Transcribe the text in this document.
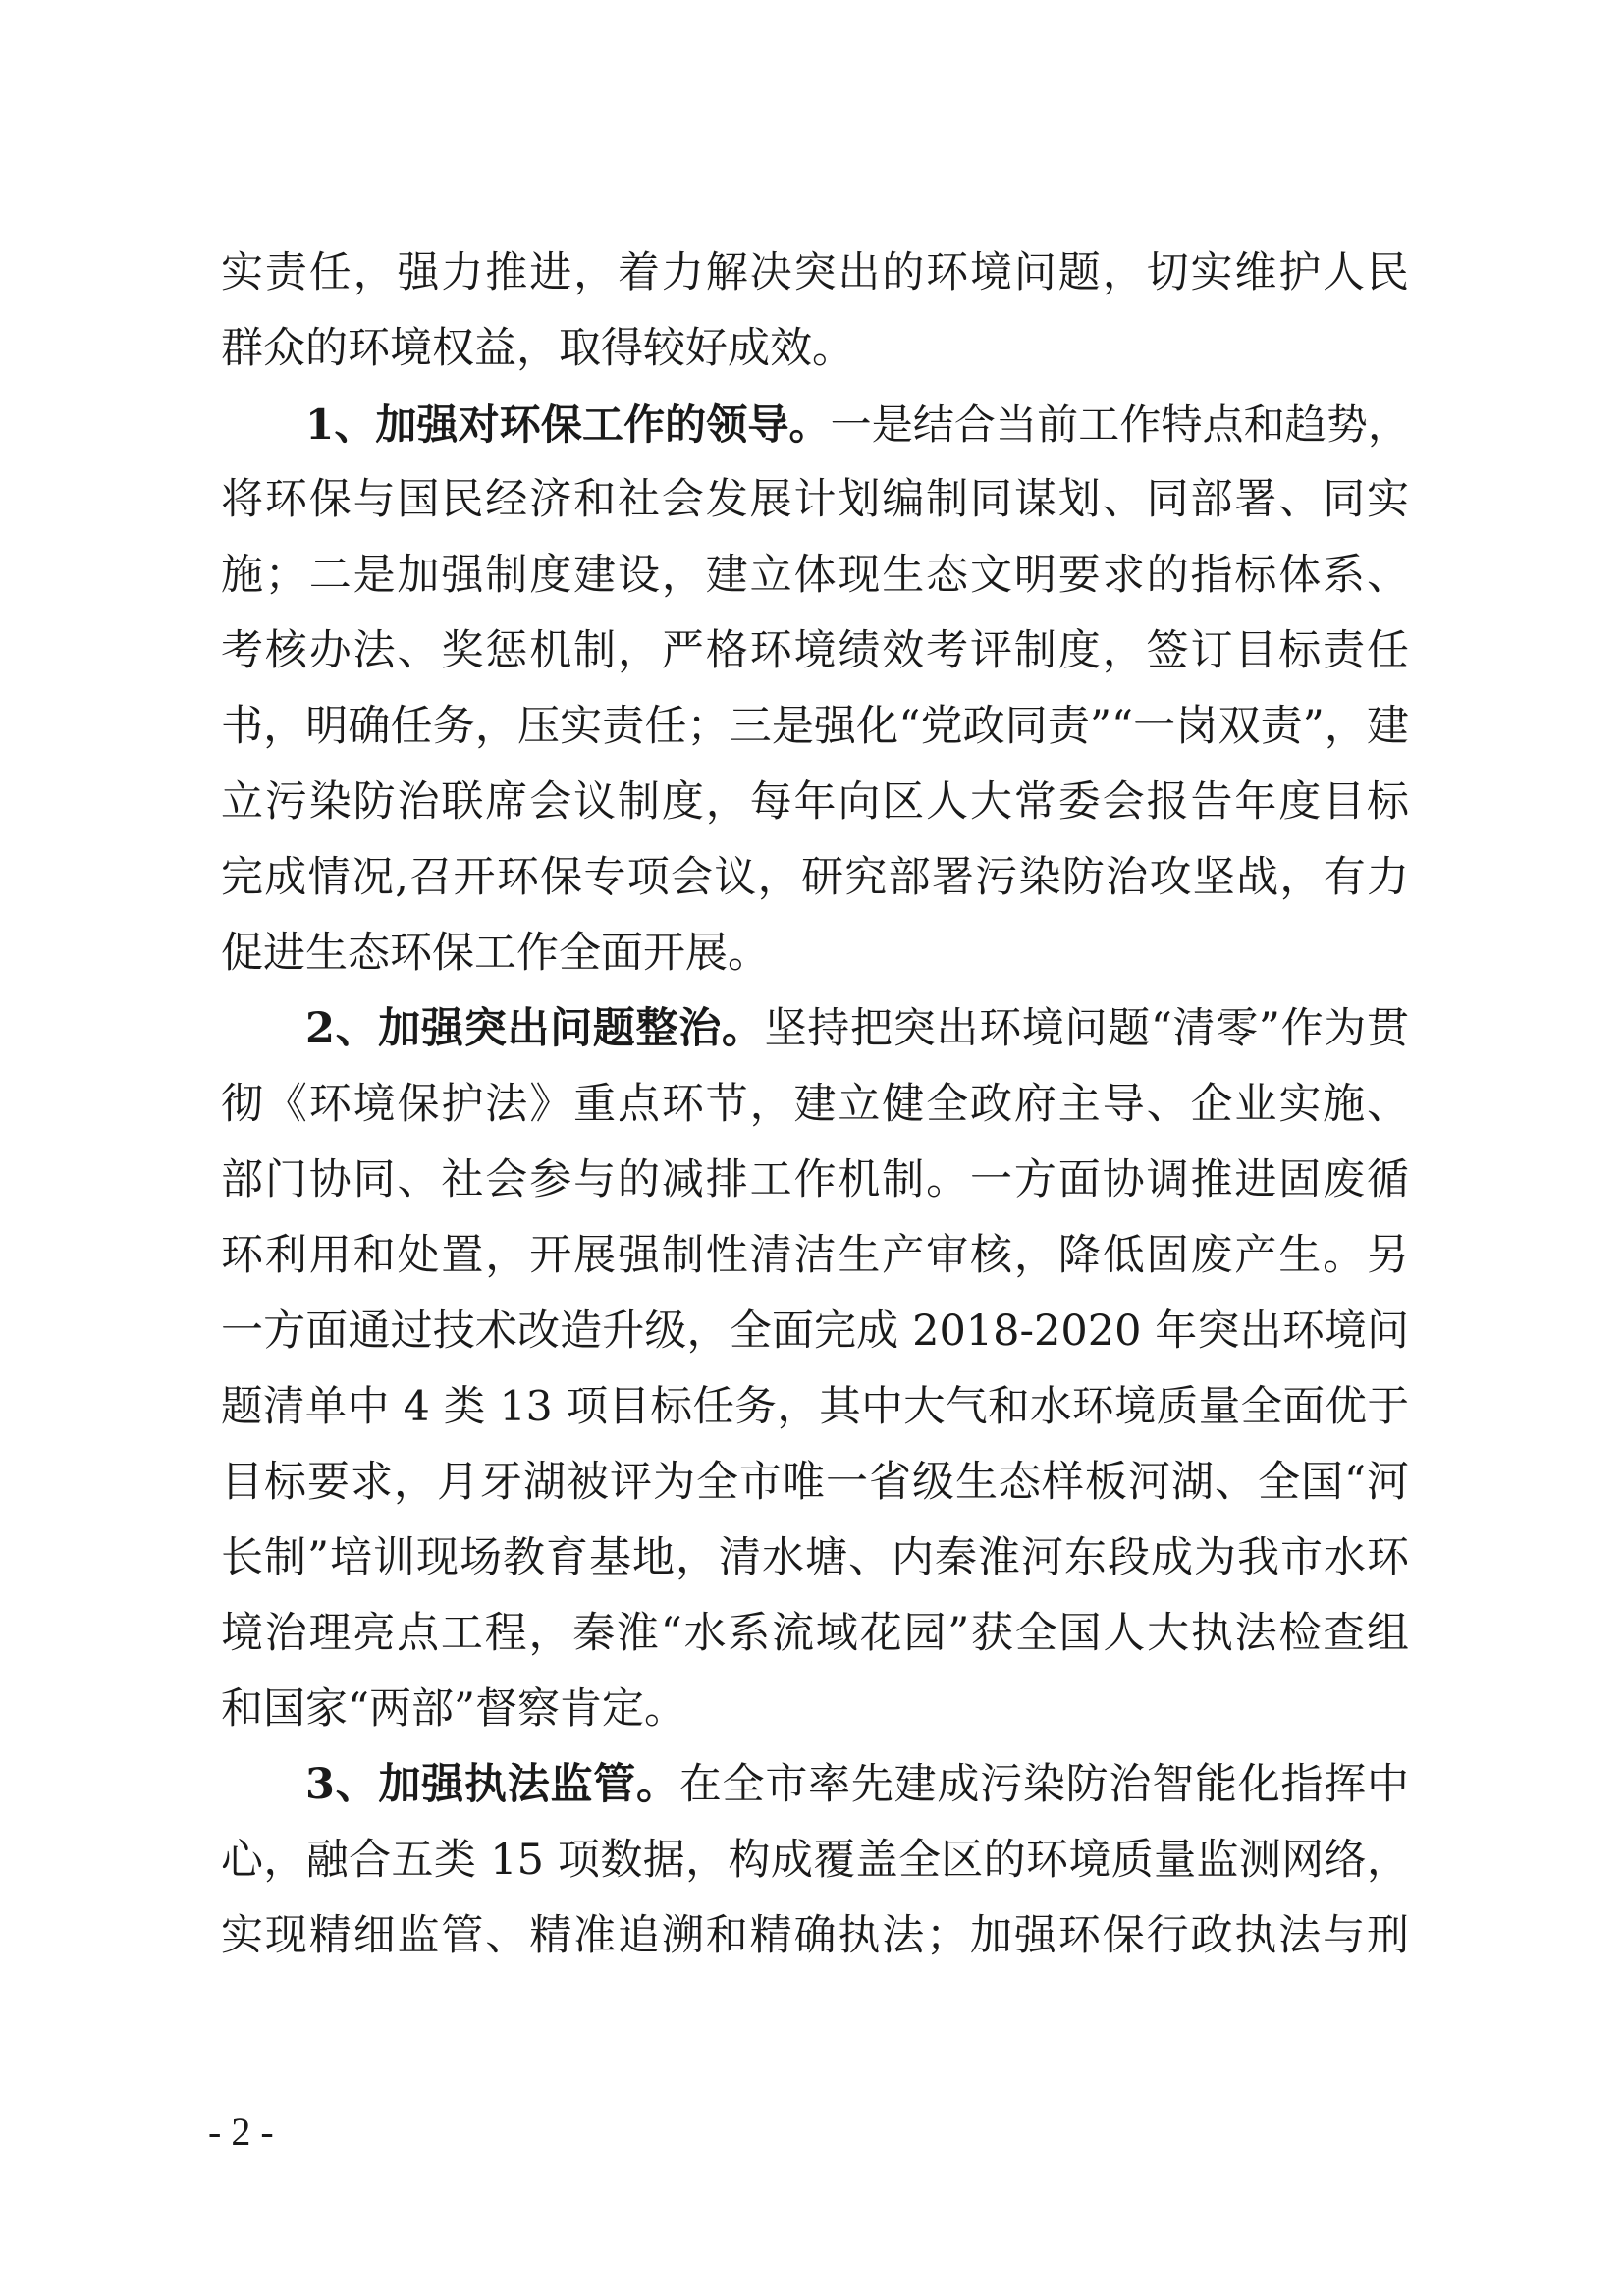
实责任，强力推进，着力解决突出的环境问题，切实维护人民
群众的环境权益，取得较好成效。
1、加强对环保工作的领导。一是结合当前工作特点和趋势，
将环保与国民经济和社会发展计划编制同谋划、同部署、同实
施；二是加强制度建设，建立体现生态文明要求的指标体系、
考核办法、奖惩机制，严格环境绩效考评制度，签订目标责任
书，明确任务，压实责任；三是强化“党政同责”“一岗双责”，建
立污染防治联席会议制度，每年向区人大常委会报告年度目标
完成情况,召开环保专项会议，研究部署污染防治攻坚战，有力
促进生态环保工作全面开展。
2、加强突出问题整治。坚持把突出环境问题“清零”作为贯
彻《环境保护法》重点环节，建立健全政府主导、企业实施、
部门协同、社会参与的减排工作机制。一方面协调推进固废循
环利用和处置，开展强制性清洁生产审核，降低固废产生。另
一方面通过技术改造升级，全面完成 2018-2020 年突出环境问
题清单中 4 类 13 项目标任务，其中大气和水环境质量全面优于
目标要求，月牙湖被评为全市唯一省级生态样板河湖、全国“河
长制”培训现场教育基地，清水塘、内秦淮河东段成为我市水环
境治理亮点工程，秦淮“水系流域花园”获全国人大执法检查组
和国家“两部”督察肯定。
3、加强执法监管。在全市率先建成污染防治智能化指挥中
心，融合五类 15 项数据，构成覆盖全区的环境质量监测网络，
实现精细监管、精准追溯和精确执法；加强环保行政执法与刑
- 2 -
